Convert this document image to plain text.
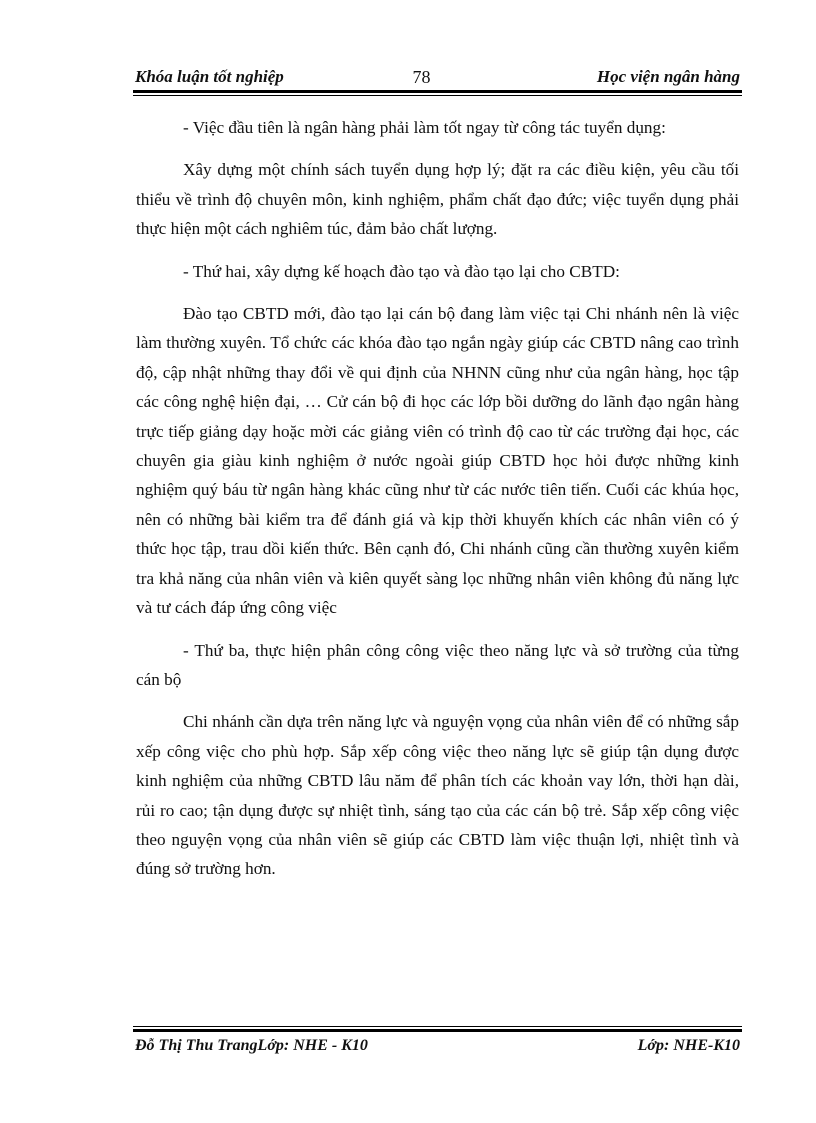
Khóa luận tốt nghiệp	78	Học viện ngân hàng

- Việc đầu tiên là ngân hàng phải làm tốt ngay từ công tác tuyển dụng:

Xây dựng một chính sách tuyển dụng hợp lý; đặt ra các điều kiện, yêu cầu tối thiểu về trình độ chuyên môn, kinh nghiệm, phẩm chất đạo đức; việc tuyển dụng phải thực hiện một cách nghiêm túc, đảm bảo chất lượng.

- Thứ hai, xây dựng kế hoạch đào tạo và đào tạo lại cho CBTD:

Đào tạo CBTD mới, đào tạo lại cán bộ đang làm việc tại Chi nhánh nên là việc làm thường xuyên. Tổ chức các khóa đào tạo ngắn ngày giúp các CBTD nâng cao trình độ, cập nhật những thay đổi về qui định của NHNN cũng như của ngân hàng, học tập các công nghệ hiện đại, … Cử cán bộ đi học các lớp bồi dưỡng do lãnh đạo ngân hàng trực tiếp giảng dạy hoặc mời các giảng viên có trình độ cao từ các trường đại học, các chuyên gia giàu kinh nghiệm ở nước ngoài giúp CBTD học hỏi được những kinh nghiệm quý báu từ ngân hàng khác cũng như từ các nước tiên tiến. Cuối các khúa học, nên có những bài kiểm tra để đánh giá và kịp thời khuyến khích các nhân viên có ý thức học tập, trau dồi kiến thức. Bên cạnh đó, Chi nhánh cũng cần thường xuyên kiểm tra khả năng của nhân viên và kiên quyết sàng lọc những nhân viên không đủ năng lực và tư cách đáp ứng công việc

- Thứ ba, thực hiện phân công công việc theo năng lực và sở trường của từng cán bộ

Chi nhánh cần dựa trên năng lực và nguyện vọng của nhân viên để có những sắp xếp công việc cho phù hợp. Sắp xếp công việc theo năng lực sẽ giúp tận dụng được kinh nghiệm của những CBTD lâu năm để phân tích các khoản vay lớn, thời hạn dài, rủi ro cao; tận dụng được sự nhiệt tình, sáng tạo của các cán bộ trẻ. Sắp xếp công việc theo nguyện vọng của nhân viên sẽ giúp các CBTD làm việc thuận lợi, nhiệt tình và đúng sở trường hơn.

Đỗ Thị Thu TrangLớp: NHE - K10	Lớp: NHE-K10
